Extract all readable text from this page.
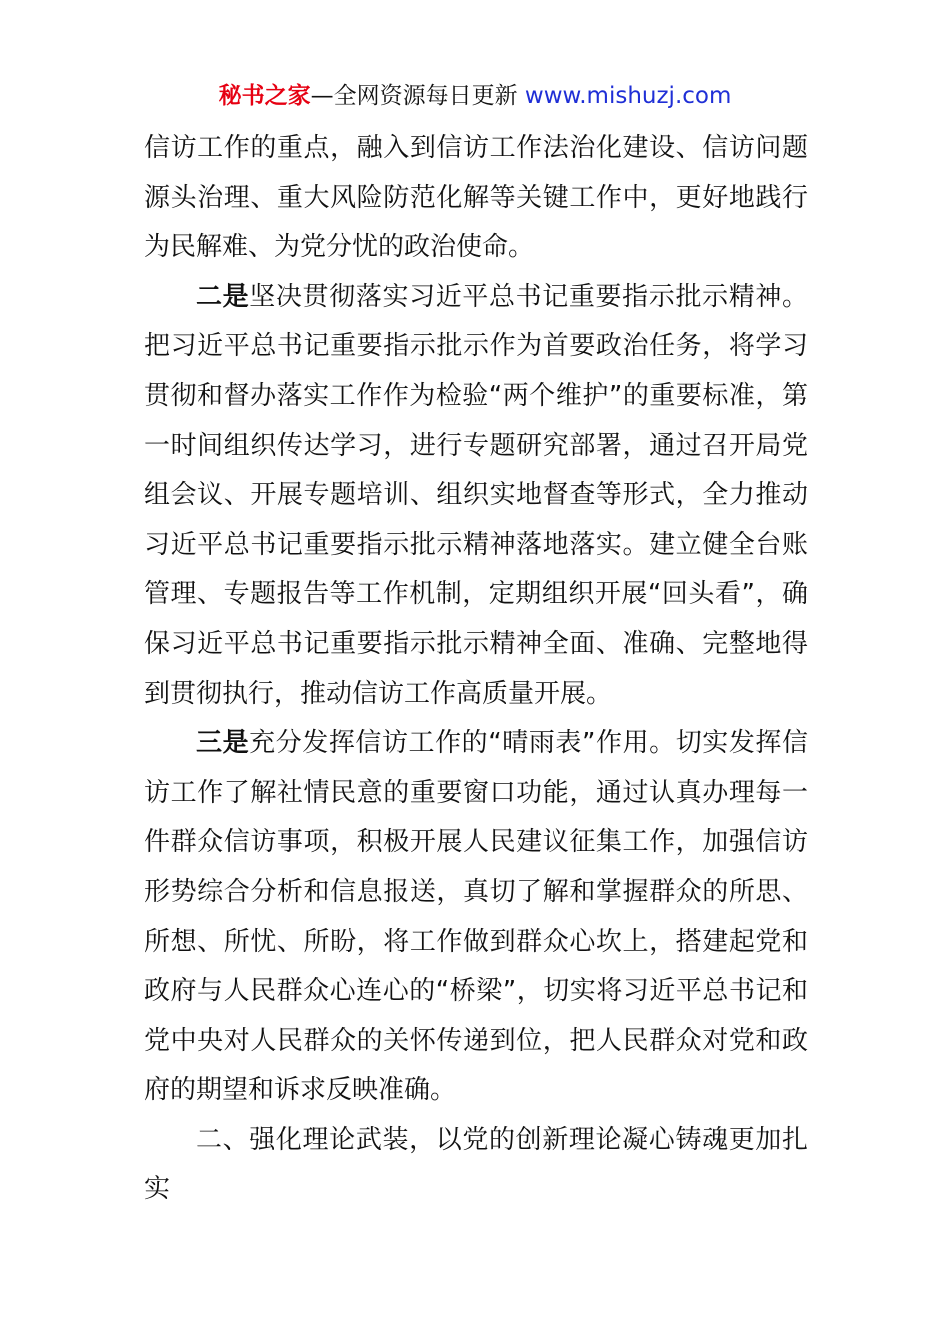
秘书之家—全网资源每日更新 www.mishuzj.com

信访工作的重点，融入到信访工作法治化建设、信访问题源头治理、重大风险防范化解等关键工作中，更好地践行为民解难、为党分忧的政治使命。

二是坚决贯彻落实习近平总书记重要指示批示精神。把习近平总书记重要指示批示作为首要政治任务，将学习贯彻和督办落实工作作为检验“两个维护”的重要标准，第一时间组织传达学习，进行专题研究部署，通过召开局党组会议、开展专题培训、组织实地督查等形式，全力推动习近平总书记重要指示批示精神落地落实。建立健全台账管理、专题报告等工作机制，定期组织开展“回头看”，确保习近平总书记重要指示批示精神全面、准确、完整地得到贯彻执行，推动信访工作高质量开展。

三是充分发挥信访工作的“晴雨表”作用。切实发挥信访工作了解社情民意的重要窗口功能，通过认真办理每一件群众信访事项，积极开展人民建议征集工作，加强信访形势综合分析和信息报送，真切了解和掌握群众的所思、所想、所忧、所盼，将工作做到群众心坎上，搭建起党和政府与人民群众心连心的“桥梁”，切实将习近平总书记和党中央对人民群众的关怀传递到位，把人民群众对党和政府的期望和诉求反映准确。

二、强化理论武装，以党的创新理论凝心铸魂更加扎实
